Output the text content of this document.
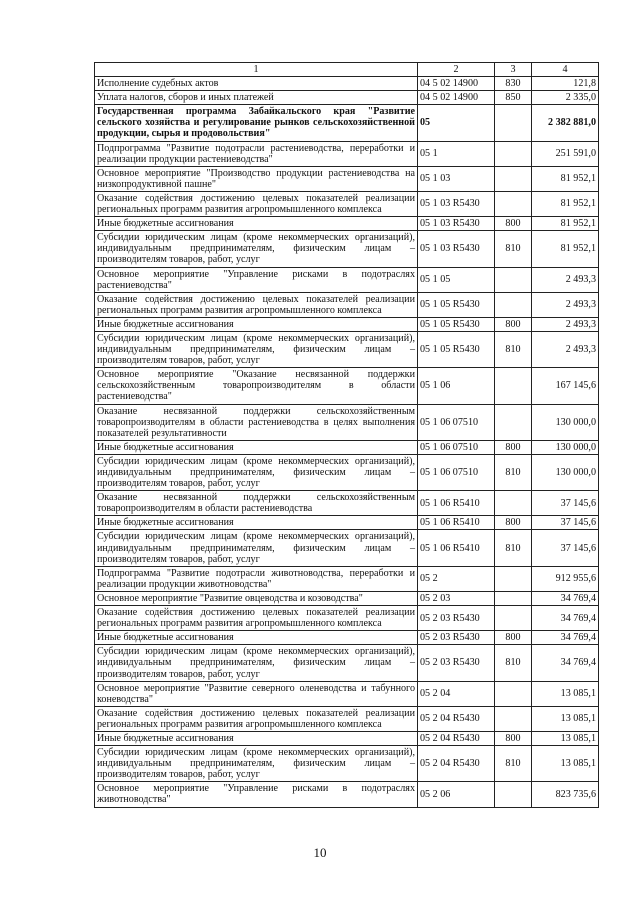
1	2	3	4
Исполнение судебных актов	04 5 02 14900	830	121,8
Уплата налогов, сборов и иных платежей	04 5 02 14900	850	2 335,0
Государственная программа Забайкальского края "Развитие сельского хозяйства и регулирование рынков сельскохозяйственной продукции, сырья и продовольствия"	05		2 382 881,0
Подпрограмма "Развитие подотрасли растениеводства, переработки и реализации продукции растениеводства"	05 1		251 591,0
Основное мероприятие "Производство продукции растениеводства на низкопродуктивной пашне"	05 1 03		81 952,1
Оказание содействия достижению целевых показателей реализации региональных программ развития агропромышленного комплекса	05 1 03 R5430		81 952,1
Иные бюджетные ассигнования	05 1 03 R5430	800	81 952,1
Субсидии юридическим лицам (кроме некоммерческих организаций), индивидуальным предпринимателям, физическим лицам – производителям товаров, работ, услуг	05 1 03 R5430	810	81 952,1
Основное мероприятие "Управление рисками в подотраслях растениеводства"	05 1 05		2 493,3
Оказание содействия достижению целевых показателей реализации региональных программ развития агропромышленного комплекса	05 1 05 R5430		2 493,3
Иные бюджетные ассигнования	05 1 05 R5430	800	2 493,3
Субсидии юридическим лицам (кроме некоммерческих организаций), индивидуальным предпринимателям, физическим лицам – производителям товаров, работ, услуг	05 1 05 R5430	810	2 493,3
Основное мероприятие "Оказание несвязанной поддержки сельскохозяйственным товаропроизводителям в области растениеводства"	05 1 06		167 145,6
Оказание несвязанной поддержки сельскохозяйственным товаропроизводителям в области растениеводства в целях выполнения показателей результативности	05 1 06 07510		130 000,0
Иные бюджетные ассигнования	05 1 06 07510	800	130 000,0
Субсидии юридическим лицам (кроме некоммерческих организаций), индивидуальным предпринимателям, физическим лицам – производителям товаров, работ, услуг	05 1 06 07510	810	130 000,0
Оказание несвязанной поддержки сельскохозяйственным товаропроизводителям в области растениеводства	05 1 06 R5410		37 145,6
Иные бюджетные ассигнования	05 1 06 R5410	800	37 145,6
Субсидии юридическим лицам (кроме некоммерческих организаций), индивидуальным предпринимателям, физическим лицам – производителям товаров, работ, услуг	05 1 06 R5410	810	37 145,6
Подпрограмма "Развитие подотрасли животноводства, переработки и реализации продукции животноводства"	05 2		912 955,6
Основное мероприятие "Развитие овцеводства и козоводства"	05 2 03		34 769,4
Оказание содействия достижению целевых показателей реализации региональных программ развития агропромышленного комплекса	05 2 03 R5430		34 769,4
Иные бюджетные ассигнования	05 2 03 R5430	800	34 769,4
Субсидии юридическим лицам (кроме некоммерческих организаций), индивидуальным предпринимателям, физическим лицам – производителям товаров, работ, услуг	05 2 03 R5430	810	34 769,4
Основное мероприятие "Развитие северного оленеводства и табунного коневодства"	05 2 04		13 085,1
Оказание содействия достижению целевых показателей реализации региональных программ развития агропромышленного комплекса	05 2 04 R5430		13 085,1
Иные бюджетные ассигнования	05 2 04 R5430	800	13 085,1
Субсидии юридическим лицам (кроме некоммерческих организаций), индивидуальным предпринимателям, физическим лицам – производителям товаров, работ, услуг	05 2 04 R5430	810	13 085,1
Основное мероприятие "Управление рисками в подотраслях животноводства"	05 2 06		823 735,6
10
